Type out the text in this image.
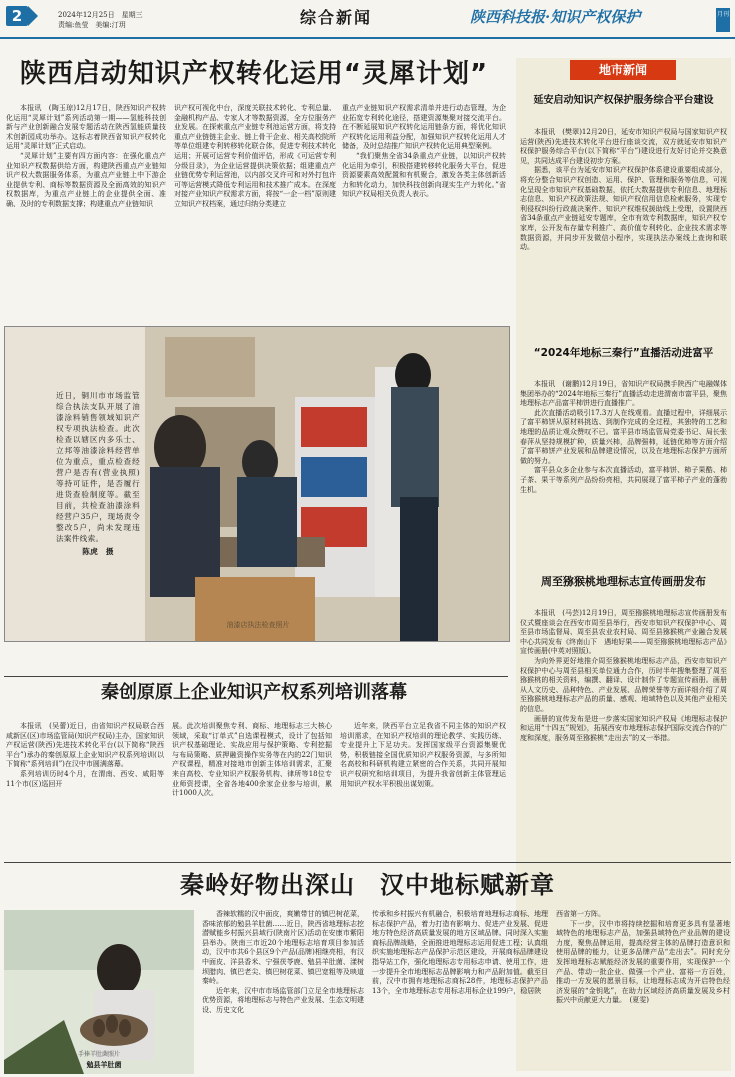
2	2024年12月25日　星期三
责编:鱼莹　美编:汀玥	综合新闻	陕西科技报·知识产权保护	月刊
陕西启动知识产权转化运用“灵犀计划”

本报讯　(陶玉琼)12月17日，陕西知识产权转化运用“灵犀计划”系列活动第一期——氢能科技创新与产业创新融合发展专题活动在陕西氢能质量技术创新园成功举办。这标志着陕西省知识产权转化运用“灵犀计划”正式启动。

“灵犀计划”主要有四方面内容：在强化重点产业知识产权数据供给方面，构建陕西重点产业链知识产权大数据服务体系，为重点产业链上中下游企业提供专利、商标等数据资源及全面高效的知识产权数据库，为重点产业链上的企业提供全面、准确、及时的专利数据支撑；构建重点产业链知识

识产权可视化中台，深度关联技术转化、专利总量、金融机构产品、专家人才等数据资源，全方位服务产业发展。在探索重点产业链专利池运营方面，将支持重点产业链链主企业、链上骨干企业、相关高校院所等单位组建专利转移转化联合体，促进专利技术转化运用；开展可运营专利价值评估，形成《可运营专利分级目录》，为企业运营提供决策依据；组建重点产业链优势专利运营池，以内部交叉许可和对外打包许可等运营模式降低专利运用和技术推广成本。在深度对接产业知识产权需求方面，将按“一企一档”原则建立知识产权档案，通过归纳分类建立

重点产业链知识产权需求清单并进行动态管理，为企业拓宽专利转化途径，搭建资源集聚对接交流平台。在不断延展知识产权转化运用链条方面，将优化知识产权转化运用利益分配，加强知识产权转化运用人才储备，及时总结推广知识产权转化运用典型案例。

“我们聚焦全省34条重点产业链，以知识产权转化运用为牵引，积极搭建转移转化服务大平台，促进资源要素高效配置和有机聚合，激发各类主体创新活力和转化动力，加快科技创新向现实生产力转化。”省知识产权局相关负责人表示。

油漆店执法检查照片

近日，铜川市市场监管综合执法支队开展了油漆涂料销售领域知识产权专项执法检查。此次检查以辖区内多乐士、立邦等油漆涂料经营单位为重点，重点检查经营户是否有(营业执照)等持可证件，是否履行进货查验制度等。截至目前，共检查油漆涂料经营户35户，现场责令整改5户，尚未发现违法案件线索。

陈虎　摄
秦创原原上企业知识产权系列培训落幕

本报讯　(吴蕾)近日，由省知识产权局联合西咸新区(区)市场监管局(知识产权局)主办，国家知识产权运营(陕西)先进技术转化平台(以下简称“陕西平台”)承办的秦创原原上企业知识产权系列培训(以下简称“系列培训”)在汉中市圆满落幕。

系列培训历时4个月，在渭南、西安、咸阳等11个市(区)巡回开

展。此次培训聚焦专利、商标、地理标志三大核心领域，采取“订单式”自选课程模式，设计了包括知识产权基础理论、实战应用与保护策略、专利挖掘与布局策略、质押融资操作实务等在内的22门知识产权课程，精准对接地市创新主体培训需求，汇聚来自高校、专业知识产权服务机构、律所等18位专业师资授课，全省各地400余家企业参与培训，累计1000人次。

近年来，陕西平台立足我省不同主体的知识产权培训需求，在知识产权培训的理论教学、实践历练、专业提升上下足功夫。发挥国家级平台资源集聚优势，积极链接全国优质知识产权服务资源，与多所知名高校和科研机构建立紧密的合作关系，共同开展知识产权研究和培训项目，为提升我省创新主体管理运用知识产权水平积极出谋划策。

地市新闻
延安启动知识产权保护服务综合平台建设

本报讯　(樊翠)12月20日，延安市知识产权局与国家知识产权运营(陕西)先进技术转化平台进行座谈交流，双方就延安市知识产权保护服务综合平台(以下简称“平台”)建设进行友好讨论并交换意见，共同达成平台建设初步方案。

据悉，该平台为延安市知识产权保护体系建设重要组成部分，将充分整合知识产权创造、运用、保护、管理和服务等信息，可视化呈现全市知识产权基础数据，依托大数据提供专利信息、地理标志信息、知识产权政策法规、知识产权信用信息检索服务，实现专利侵权纠纷行政裁决案件、知识产权维权援助线上受理，设置陕西省34条重点产业链延安专题库，全市有效专利数据库，知识产权专家库，公开发布存量专利推广、高价值专利转化、企业技术需求等数据资源，并同步开发微信小程序，实现执法办案线上查询和联动。

“2024年地标三秦行”直播活动进富平

本报讯　(谢鹏)12月19日，省知识产权局携手陕西广电融媒体集团举办的“2024年地标三秦行”直播活动走进渭南市富平县，聚焦地理标志产品富平柿饼进行直播推广。

此次直播活动吸引17.3万人在线观看。直播过程中，详细展示了富平柿饼从原材料挑选、到制作完成的全过程，其独特的工艺和地理的品质让观众赞叹不已。富平县市场监管局党委书记、局长张春萍从坚持规模扩种，质量兴柿，品牌强柿，延链优柿等方面介绍了富平柿饼产业发展和品牌建设情况，以及在地理标志保护方面所做的努力。

富平县众多企业参与本次直播活动，富平柿饼、柿子果酷、柿子茶、果干等系列产品纷纷亮相，共同展现了富平柿子产业的蓬勃生机。

周至猕猴桃地理标志宣传画册发布

本报讯　(马芸)12月19日，周至猕猴桃地理标志宣传画册发布仪式暨座谈会在西安市周至县举行，西安市知识产权保护中心、周至县市场监督局、周至县农业农村局、周至县猕猴桃产业融合发展中心共同发布《终南山下　遇地好果——周至猕猴桃地理标志产品》宣传画册(中英对照版)。

为向外界更好地推介周至猕猴桃地理标志产品，西安市知识产权保护中心与周至县相关单位通力合作，历时半年搜集整理了周至猕猴桃的相关资料，编撰、翻译、设计制作了专题宣传画册。画册从人文历史、品种特色、产业发展、品牌荣誉等方面详细介绍了周至猕猴桃地理标志产品的质量、感观、地域特色以及其他产业相关的信息。

画册的宣传发布是进一步落实国家知识产权局《地理标志保护和运用“十四五”规划》，拓展西安市地理标志保护国际交流合作的广度和深度，服务周至猕猴桃“走出去”的又一举措。

秦岭好物出深山　汉中地标赋新章
手捧羊肚菌照片
勉县羊肚菌

香辣软糯的汉中面皮，爽嫩带甘的镇巴树花菜，香味浓郁的勉县羊肚菌……近日，陕西省地理标志挖潜赋能乡村振兴县域行(陕南片区)活动在安康市紫阳县举办。陕南三市近20个地理标志培育项目参加活动，汉中市共6个县区9个产品(品牌)相继亮相，有汉中面皮、洋县香米、宁强茯苓鹿、勉县羊肚菌、漾树坝腊肉、镇巴老尖、镇巴树花菜、镇巴宽粗等及映道秦岭。

近年来，汉中市市场监管部门立足全市地理标志优势资源，将地理标志与特色产业发展、生态文明建设、历史文化

传承和乡村振兴有机融合，积极培育地理标志商标、地理标志保护产品，着力打造有影响力、促进产业发展、促进地方特色经济高质量发展的地方区域品牌。同时深入实施商标品牌战略，全面推进地理标志运用促进工程；认真组织实施地理标志产品保护示范区建设，开展商标品牌建设指导站工作，强化地理标志专用标志申请、使用工作，进一步提升全市地理标志品牌影响力和产品附加值。截至目前，汉中市拥有地理标志商标28件，地理标志保护产品13个，全市地理标志专用标志用标企业199户，稳居陕

西省第一方阵。

下一步，汉中市将持续挖掘和培育更多具有显著地域特色的地理标志产品，加强县域特色产业品牌的建设力度，聚焦品牌运用，提高经营主体的品牌打造意识和使用品牌的能力，让更多品牌产品“走出去”。同时充分发挥地理标志赋能经济发展的重要作用，实现保护一个产品、带动一批企业、做强一个产业、富裕一方百姓，推动一方发展的愿景目标，让地理标志成为开启特色经济发展的“金钥匙”，在助力区域经济高质量发展及乡村振兴中贡献更大力量。　(夏雯)
